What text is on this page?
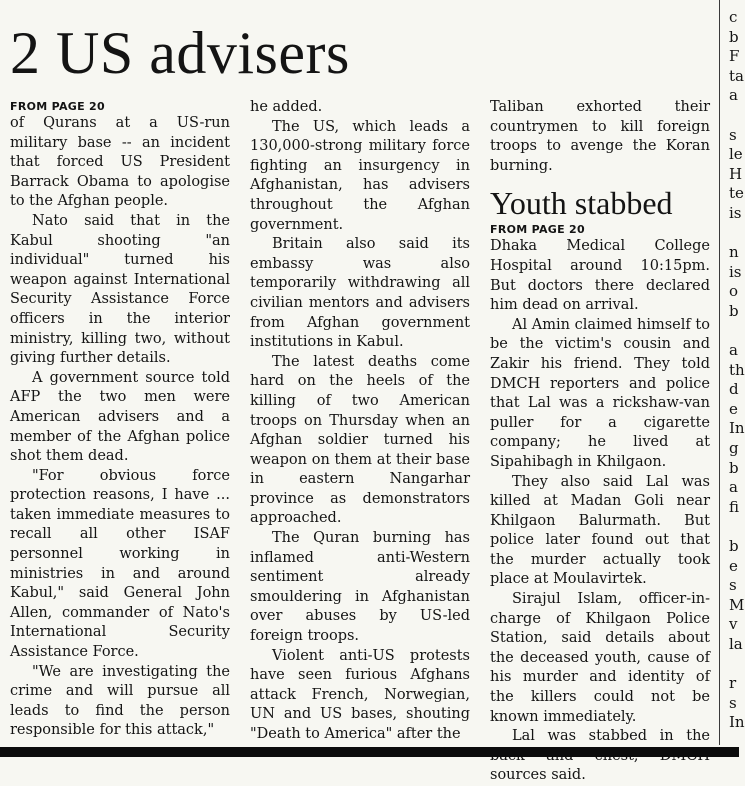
2 US advisers
FROM PAGE 20

of Qurans at a US-run military base -- an incident that forced US President Barrack Obama to apologise to the Afghan people.

Nato said that in the Kabul shooting "an individual" turned his weapon against International Security Assistance Force officers in the interior ministry, killing two, without giving further details.

A government source told AFP the two men were American advisers and a member of the Afghan police shot them dead.

"For obvious force protection reasons, I have ... taken immediate measures to recall all other ISAF personnel working in ministries in and around Kabul," said General John Allen, commander of Nato's International Security Assistance Force.

"We are investigating the crime and will pursue all leads to find the person responsible for this attack,"

he added.

The US, which leads a 130,000-strong military force fighting an insurgency in Afghanistan, has advisers throughout the Afghan government.

Britain also said its embassy was also temporarily withdrawing all civilian mentors and advisers from Afghan government institutions in Kabul.

The latest deaths come hard on the heels of the killing of two American troops on Thursday when an Afghan soldier turned his weapon on them at their base in eastern Nangarhar province as demonstrators approached.

The Quran burning has inflamed anti-Western sentiment already smouldering in Afghanistan over abuses by US-led foreign troops.

Violent anti-US protests have seen furious Afghans attack French, Norwegian, UN and US bases, shouting "Death to America" after the

Taliban exhorted their countrymen to kill foreign troops to avenge the Koran burning.

Youth stabbed
FROM PAGE 20

Dhaka Medical College Hospital around 10:15pm. But doctors there declared him dead on arrival.

Al Amin claimed himself to be the victim's cousin and Zakir his friend. They told DMCH reporters and police that Lal was a rickshaw-van puller for a cigarette company; he lived at Sipahibagh in Khilgaon.

They also said Lal was killed at Madan Goli near Khilgaon Balurmath. But police later found out that the murder actually took place at Moulavirtek.

Sirajul Islam, officer-in-charge of Khilgaon Police Station, said details about the deceased youth, cause of his murder and identity of the killers could not be known immediately.

Lal was stabbed in the sources said.

c

b

F

ta

a

s

le

H

te

is

n

is

o

b

a

th

d

e

In

g

b

a

fi

b

e

s

M

v

la

r

s

In
